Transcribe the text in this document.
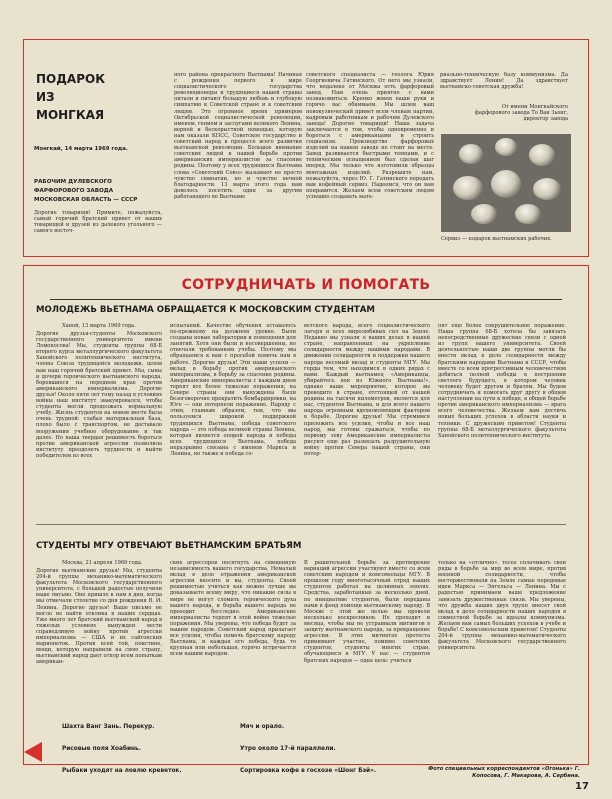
ПОДАРОК
ИЗ
МОНГКАЯ
Монгкай, 14 марта 1969 года.
РАБОЧИМ ДУЛЕВСКОГО ФАРФОРОВОГО ЗАВОДА МОСКОВСКАЯ ОБЛАСТЬ — СССР
Дорогие товарищи! Примите, пожалуйста, самый горячий братский привет от ваших товарищей и друзей из далекого угольного — самого восточ-
ного района прекрасного Вьетнама! Начиная с рождения первого в мире социалистического государства революционеры и трудящиеся нашей страны питали и питают большую любовь и глубокую симпатию к Советской стране и к советским людям. Это огромное время примером Октябрьской социалистической революции, именем, гением и заслугами великого Ленина, верной и бескорыстной помощью, которую нам оказали КПСС, Советское государство и советский народ в процессе всего развития вьетнамской революции. Большое внимание советских людей к нашей борьбе против американских империалистов за спасение родины. Поэтому у всех трудящихся Вьетнама слова «Советский Союз» вызывают не просто чувство симпатии, но и чувство вечной благодарности. 13 марта этого года нам довелось посетить один за другим работающего во Вьетнаме
советского специалиста — геолога Юрия Георгиевича Гатинского. От него мы узнали, что недалеко от Москвы есть фарфоровый завод. Нам очень приятно с вами познакомиться. Крепко жмем ваши руки и горячо вас обнимаем. Мы шлем ваш новокузнеческий привет всем членам партии, кадровым работникам и рабочим Дулевского завода! Дорогие товарищи! Наша задача заключается в том, чтобы одновременно и бороться с американцами и строить социализм. Производство фарфоровых изделий на нашем заводе не стоит на месте. Завод развивается быстрыми темпами, и с техническим оснащением был сделан шаг вперед. Мы только что изготовили образцы монтажных изделий. Разрешите нам, пожалуйста, через Ю. Г. Гатинского передать вам кофейный сервиз. Надеемся, что он вам понравится. Желаем всем советским людям успешно создавать мате-
риально-техническую базу коммунизма. Да здравствует Ленин! Да здравствует вьетнамско-советская дружба!
От имени Монгкайского фарфорового завода То Ван Зьонг, директор завода
Сервиз — подарок вьетнамских рабочих.
СОТРУДНИЧАТЬ И ПОМОГАТЬ
МОЛОДЕЖЬ ВЬЕТНАМА ОБРАЩАЕТСЯ К МОСКОВСКИМ СТУДЕНТАМ
Ханой, 13 марта 1969 года.
Дорогие друзья-студенты Московского государственного университета имени Ломоносова! Мы, студенты группы 68-Б второго курса металлургического факультета Ханойского политехнического института, члены Союза трудящейся молодежи, шлем вам наш горячий братский привет. Мы, сыны и дочери героического вьетнамского народа, боровшиеся на переднем крае против американского империализма. Дорогие друзья! Около пяти лет тому назад в условиях войны наш институт эвакуировался, чтобы студенты могли продолжать нормальную учебу. Жизнь студентов на новом месте была очень трудной: слабая материальная база, плохо было с транспортом, не доставало вооружения учебное оборудование и так далее. Но наша твердая решимость бороться против американской агрессии позволила институту преодолеть трудности и выйти победителем из всех
испытаний. Качество обучения оставалось по-прежнему на должном уровне. Были созданы новые лаборатории и помещения для занятий. Хотя они были и несовершенны, но отвечали требованиям учебы. Поэтому мы обращаемся к вам с просьбой помочь нам в работе. Дорогие друзья! Эти наши успехи — вклад в борьбу против американского империализма, в борьбу за спасение родины. Американские империалисты с каждым днем терпят все более тяжелые поражения; на Севере страны они вынуждены были безоговорочно прекратить бомбардировки, на Юге — они потерпели поражение. Наряду с этим, главным образом, тем, что мы пользуемся широкой поддержкой трудящихся Вьетнама, победа советского народа — это победа великой страны Ленина, которая является опорой народа и победы всех трудящихся Вьетнама, победа неразрывно связана с именем Маркса и Ленина, но также и победа со-
ветского народа, всего социалистического лагеря и всех миролюбивых сил на Земле. Недавно мы узнали о ваших делах в нашей стране, направленных на укрепление солидарности между нашими народами. В движении солидарности и поддержки нашего народа весомый вклад и студенты МГУ. Мы горды тем, что находимся в одних рядах с вами. Каждый вьетнамец «Американцы, убирайтесь вон из Южного Вьетнама!», однако ваше мероприятие, которое вы проводите в стране, отстоящей от нашей родины на тысячи километров, является для нас, студентов Вьетнама, и для всего нашего народа огромным вдохновляющим фактором в борьбе. Дорогие друзья! Мы стремимся приложить все усилия, чтобы и все наш народ, мы готовы сражаться, чтобы по первому зову Американские империалисты рисуют еще раз развязать разрушительную войну против Севера нашей страны, они потер-
пят еще более сокрушительное поражение. Наша группа 68-Б хотела бы завязать непосредственные дружеские связи с одной из групп вашего университета. Своей деятельностью наши две группы могли бы внести вклад в дело солидарности между братскими народами Вьетнама и СССР, чтобы вместе со всем прогрессивным человечеством добиться полной победы в построении светлого будущего, в котором человек человеку будет другом и братом. Мы будем сотрудничать и помогать друг другу в общем наступлении на пути к победе, в общей борьбе против американского империализма — врага всего человечества. Желаем вам достичь новых больших успехов в области науки и техники. С дружеским приветом! Студенты группы 68-Б металлургического факультета Ханойского политехнического института.
СТУДЕНТЫ МГУ ОТВЕЧАЮТ ВЬЕТНАМСКИМ БРАТЬЯМ
Москва, 21 апреля 1969 года.
Дорогие вьетнамские друзья! Мы, студенты 204-й группы механико-математического факультета Московского государственного университета, с большой радостью получили ваше письмо. Оно пришло к нам в дни, когда мы отмечали столетие со дня рождения В. И. Ленина. Дорогие друзья! Ваше письмо не могло не найти отклика в наших сердцах. Уже много лет братский вьетнамский народ в тяжелых условиях вынужден вести справедливую войну против агрессии империализма — США и их сайгонских марионеток. Против всей той, поистине, мощи, которую направили на свою страну, вьетнамский народ дает отпор всем попыткам американ-
ских агрессоров посягнуть на священную независимость вашего государства. Немалый вклад в дело отражения американской агрессии вносите и вы, студенты. Своей решимостью учиться как можно лучше вы доказываете всему миру, что никакие силы в мире не могут сломить героического духа вашего народа, и борьба вашего народа не проходит бесследно. Американские империалисты терпят в этой войне тяжелые поражения. Мы уверены, что победа будет за вашим народом. Советский народ прилагает все усилия, чтобы помочь братскому народу Вьетнама, и каждая его победа, будь то крупная или небольшая, горячо встречается всем нашим народом.
В решительной борьбе за претворение вариаций агрессии участвуют вместе со всем советским народом и комсомольцы МГУ. В прошлом году многотысячный отряд наших студентов работал на целинных землях. Средства, заработанные за несколько дней, по инициативе студентов, были переданы нами в фонд помощи вьетнамскому народу. В Москве с этой же целью мы провели несколько воскресников. Не проходит и месяца, чтобы мы не устраивали митингов в защиту вьетнамского народа, за прекращение агрессии. В этих митингах протеста принимают участие, помимо советских студентов, студенты многих стран, обучающиеся в МГУ. У нас — студентов братских народов — одна цель: учиться
только на «отлично», тесее сплачивать свои ряды в борьбе за мир во всем мире, против военной солидарности, чтобы восторжествовали на Земле самые передовые идеи Маркса — Энгельса — Ленина. Мы с радостью принимаем ваше предложение завязать дружественные связи. Мы уверены, что дружба наших двух групп внесет свой вклад в дело солидарности наших народов в совместной борьбе за идеалы коммунизма. Желаем вам самых больших успехов в учебе и борьбе! С комсомольским приветом! Студенты 204-й группы механико-математического факультета Московского государственного университета
Шахта Ванг Зань. Перекур.
Рисовые поля Хоабинь.
Рыбаки уходят на ловлю креветок.
Мяч и орало.
Утро около 17-й параллели.
Сортировка кофе в госхозе «Шонг Бэй».	Фото специальных корреспондентов «Огонька» Г. Копосова, Г. Макарова, А. Сербина.
17
